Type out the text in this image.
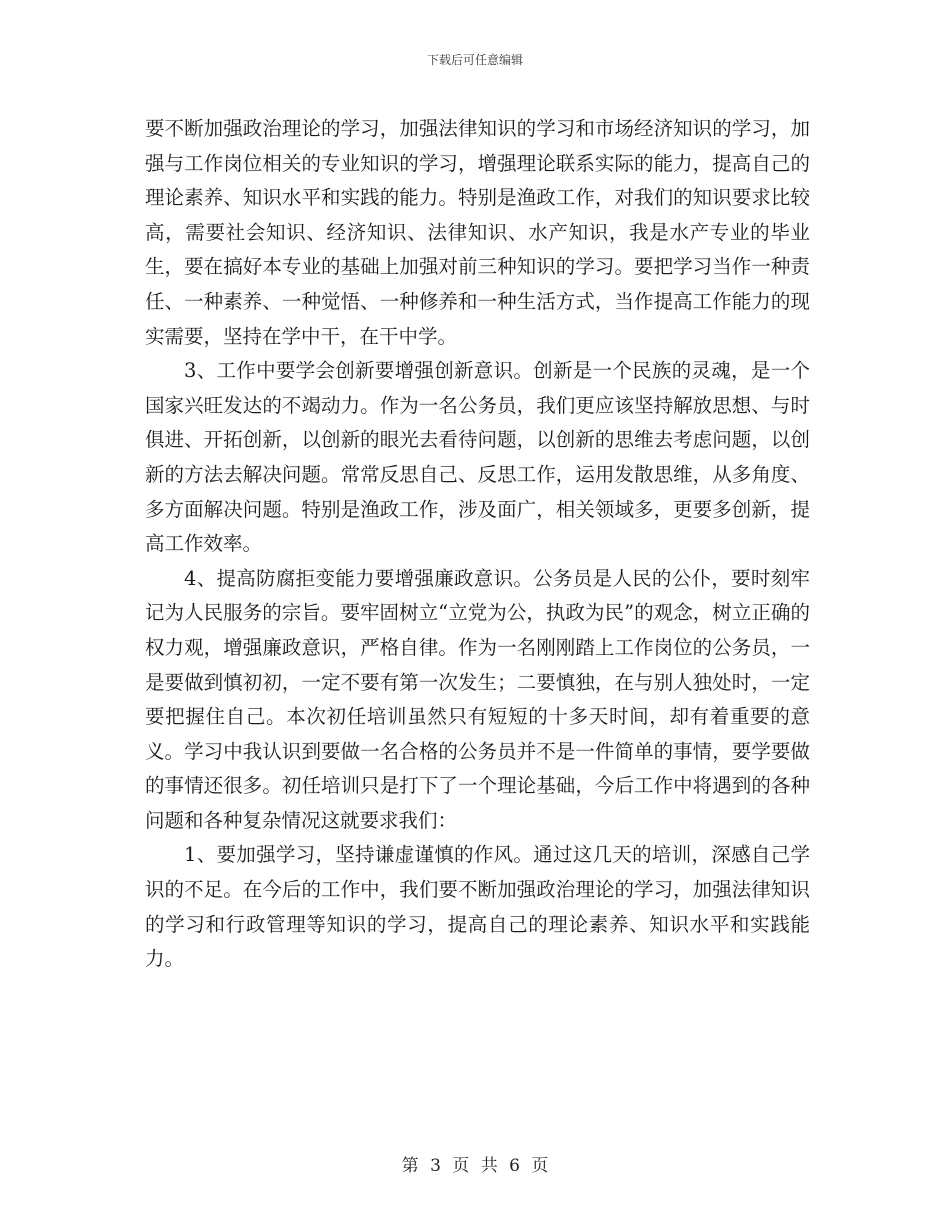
下载后可任意编辑

要不断加强政治理论的学习，加强法律知识的学习和市场经济知识的学习，加强与工作岗位相关的专业知识的学习，增强理论联系实际的能力，提高自己的理论素养、知识水平和实践的能力。特别是渔政工作，对我们的知识要求比较高，需要社会知识、经济知识、法律知识、水产知识，我是水产专业的毕业生，要在搞好本专业的基础上加强对前三种知识的学习。要把学习当作一种责任、一种素养、一种觉悟、一种修养和一种生活方式，当作提高工作能力的现实需要，坚持在学中干，在干中学。

3、工作中要学会创新要增强创新意识。创新是一个民族的灵魂，是一个国家兴旺发达的不竭动力。作为一名公务员，我们更应该坚持解放思想、与时俱进、开拓创新，以创新的眼光去看待问题，以创新的思维去考虑问题，以创新的方法去解决问题。常常反思自己、反思工作，运用发散思维，从多角度、多方面解决问题。特别是渔政工作，涉及面广，相关领域多，更要多创新，提高工作效率。

4、提高防腐拒变能力要增强廉政意识。公务员是人民的公仆，要时刻牢记为人民服务的宗旨。要牢固树立“立党为公，执政为民”的观念，树立正确的权力观，增强廉政意识，严格自律。作为一名刚刚踏上工作岗位的公务员，一是要做到慎初初，一定不要有第一次发生；二要慎独，在与别人独处时，一定要把握住自己。本次初任培训虽然只有短短的十多天时间，却有着重要的意义。学习中我认识到要做一名合格的公务员并不是一件简单的事情，要学要做的事情还很多。初任培训只是打下了一个理论基础，今后工作中将遇到的各种问题和各种复杂情况这就要求我们：

1、要加强学习，坚持谦虚谨慎的作风。通过这几天的培训，深感自己学识的不足。在今后的工作中，我们要不断加强政治理论的学习，加强法律知识的学习和行政管理等知识的学习，提高自己的理论素养、知识水平和实践能力。

第 3 页 共 6 页
